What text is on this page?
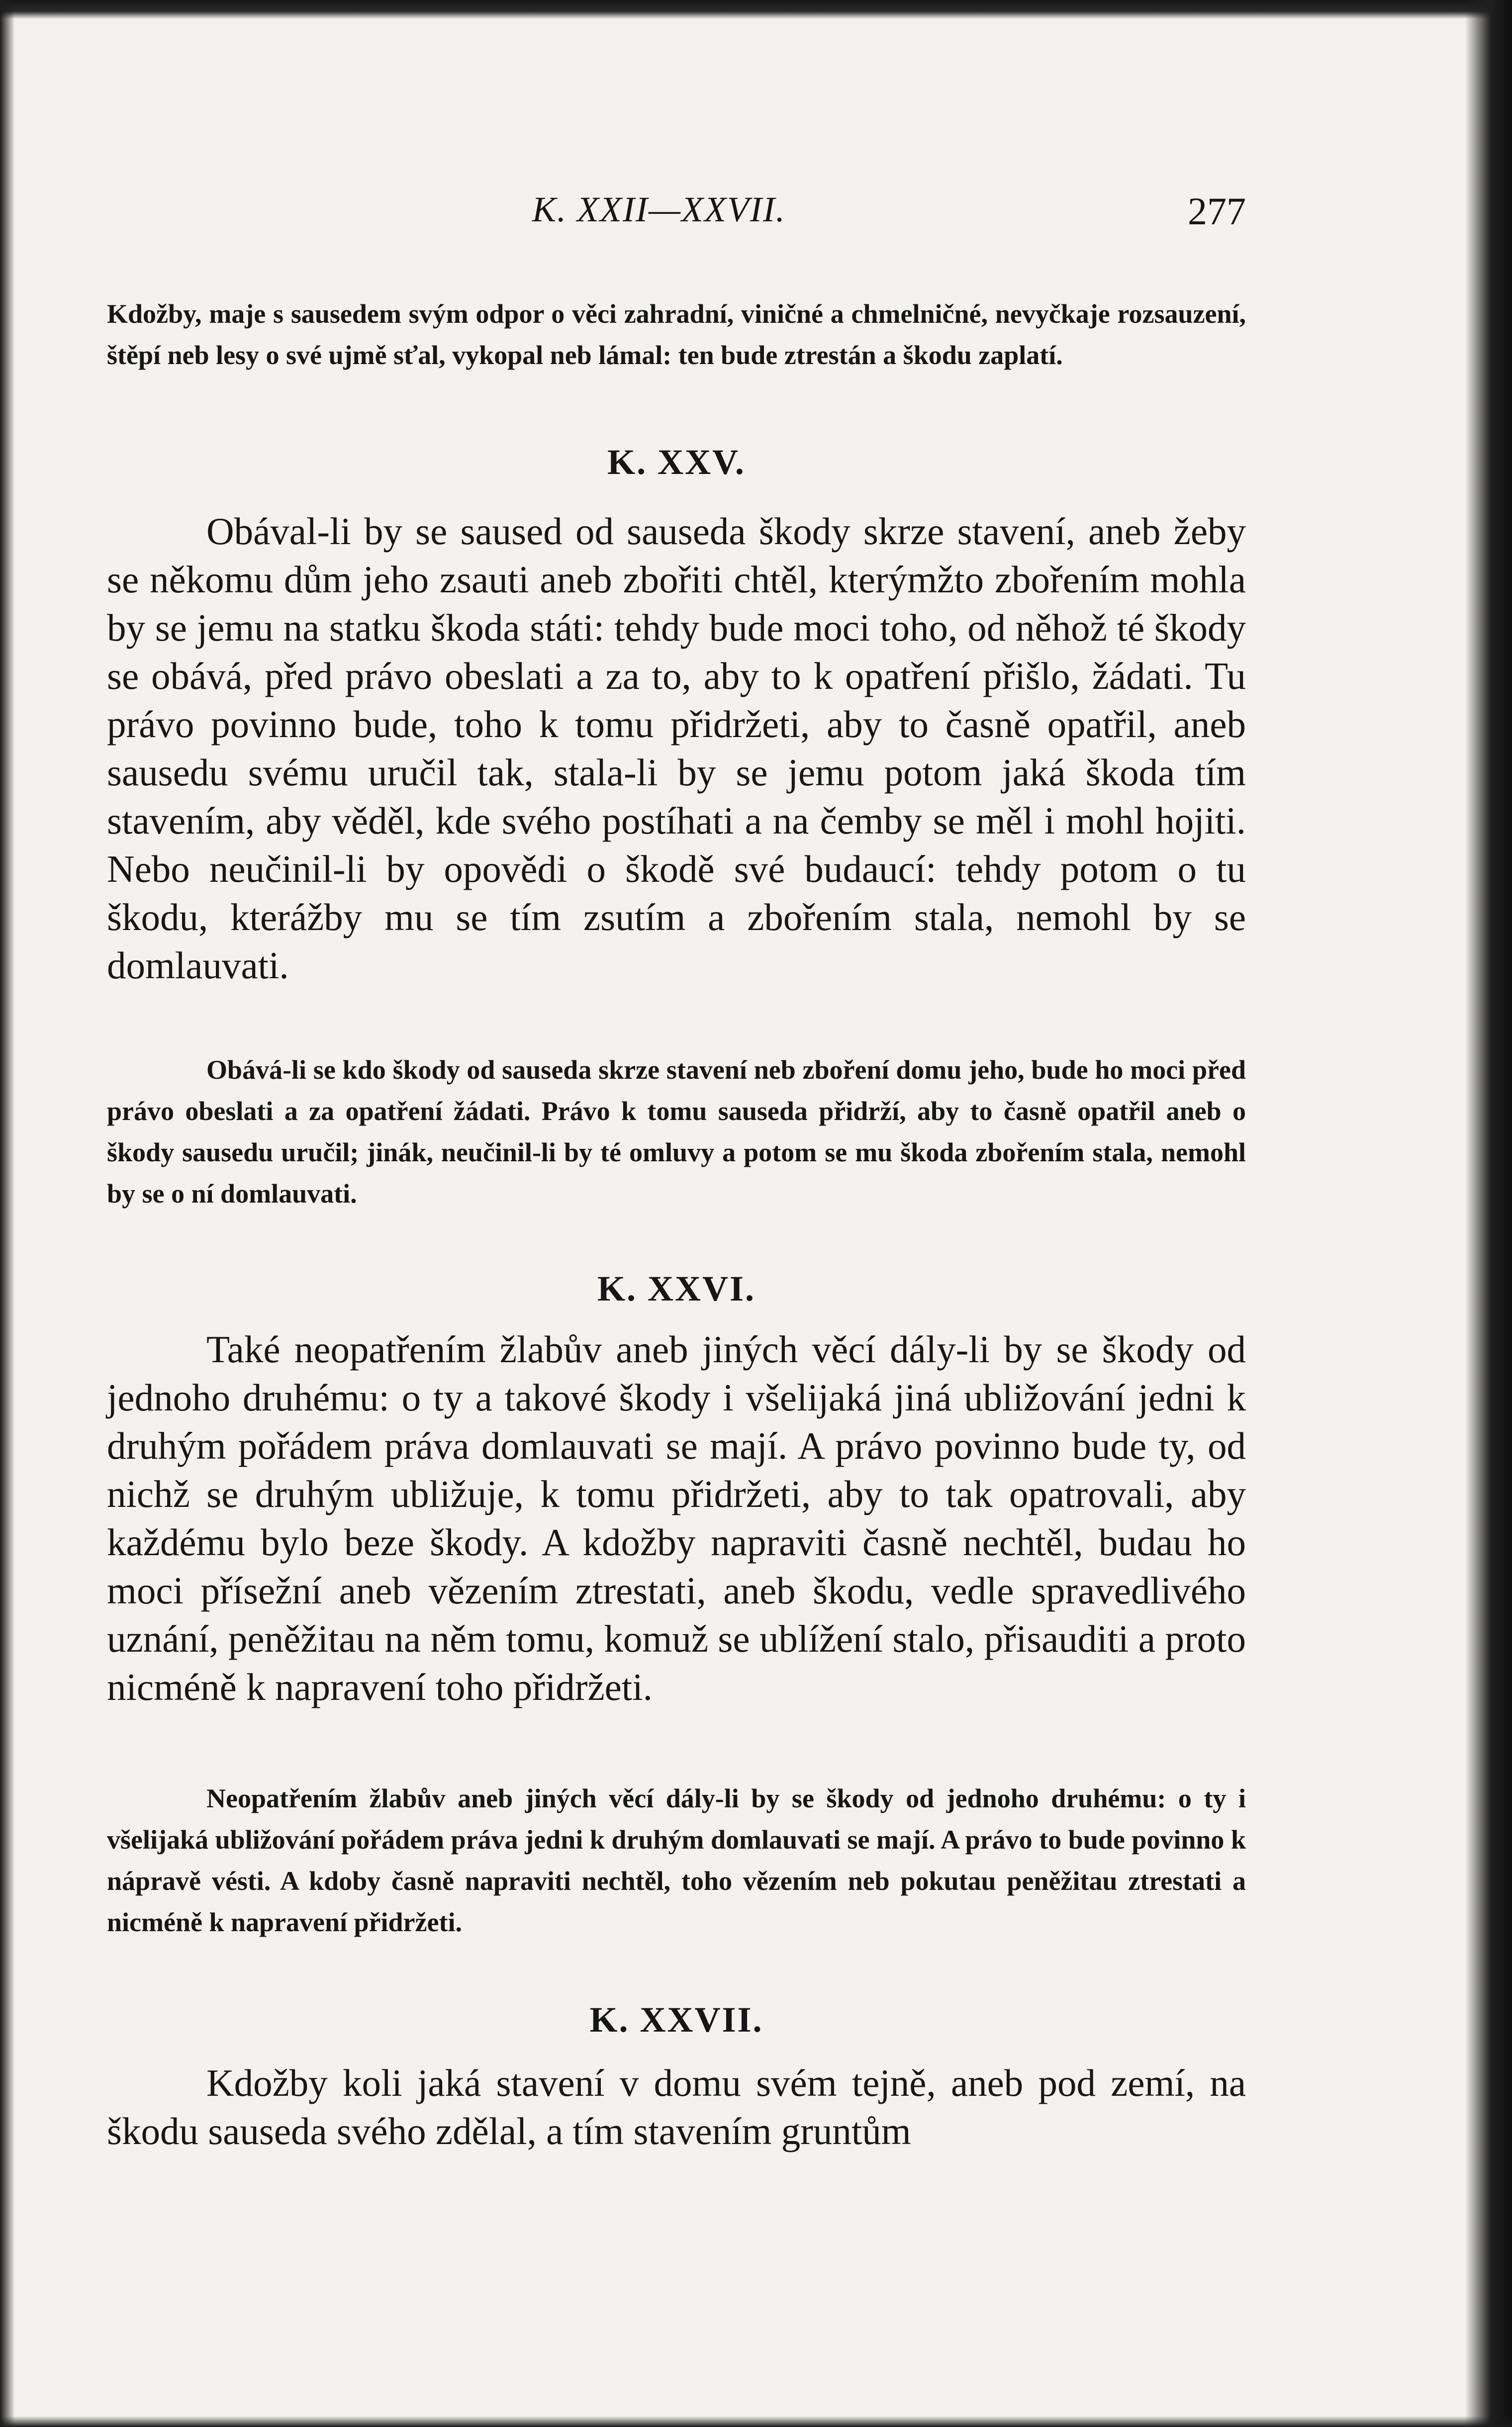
K. XXII—XXVII.	277

Kdožby, maje s sausedem svým odpor o věci zahradní, viničné a chmelničné, nevyčkaje rozsauzení, štěpí neb lesy o své ujmě sťal, vykopal neb lámal: ten bude ztrestán a škodu zaplatí.

K. XXV.

Obával-li by se saused od sauseda škody skrze stavení, aneb žeby se někomu dům jeho zsauti aneb zbořiti chtěl, kterýmžto zbořením mohla by se jemu na statku škoda státi: tehdy bude moci toho, od něhož té škody se obává, před právo obeslati a za to, aby to k opatření přišlo, žádati. Tu právo povinno bude, toho k tomu přidržeti, aby to časně opatřil, aneb sausedu svému uručil tak, stala-li by se jemu potom jaká škoda tím stavením, aby věděl, kde svého postíhati a na čemby se měl i mohl hojiti. Nebo neučinil-li by opovědi o škodě své budaucí: tehdy potom o tu škodu, kterážby mu se tím zsutím a zbořením stala, nemohl by se domlauvati.

Obává-li se kdo škody od sauseda skrze stavení neb zboření domu jeho, bude ho moci před právo obeslati a za opatření žádati. Právo k tomu sauseda přidrží, aby to časně opatřil aneb o škody sausedu uručil; jinák, neučinil-li by té omluvy a potom se mu škoda zbořením stala, nemohl by se o ní domlauvati.

K. XXVI.

Také neopatřením žlabův aneb jiných věcí dály-li by se škody od jednoho druhému: o ty a takové škody i všelijaká jiná ubližování jedni k druhým pořádem práva domlauvati se mají. A právo povinno bude ty, od nichž se druhým ubližuje, k tomu přidržeti, aby to tak opatrovali, aby každému bylo beze škody. A kdožby napraviti časně nechtěl, budau ho moci přísežní aneb vězením ztrestati, aneb škodu, vedle spravedlivého uznání, peněžitau na něm tomu, komuž se ublížení stalo, přisauditi a proto nicméně k napravení toho přidržeti.

Neopatřením žlabův aneb jiných věcí dály-li by se škody od jednoho druhému: o ty i všelijaká ubližování pořádem práva jedni k druhým domlauvati se mají. A právo to bude povinno k nápravě vésti. A kdoby časně napraviti nechtěl, toho vězením neb pokutau peněžitau ztrestati a nicméně k napravení přidržeti.

K. XXVII.

Kdožby koli jaká stavení v domu svém tejně, aneb pod zemí, na škodu sauseda svého zdělal, a tím stavením gruntům
